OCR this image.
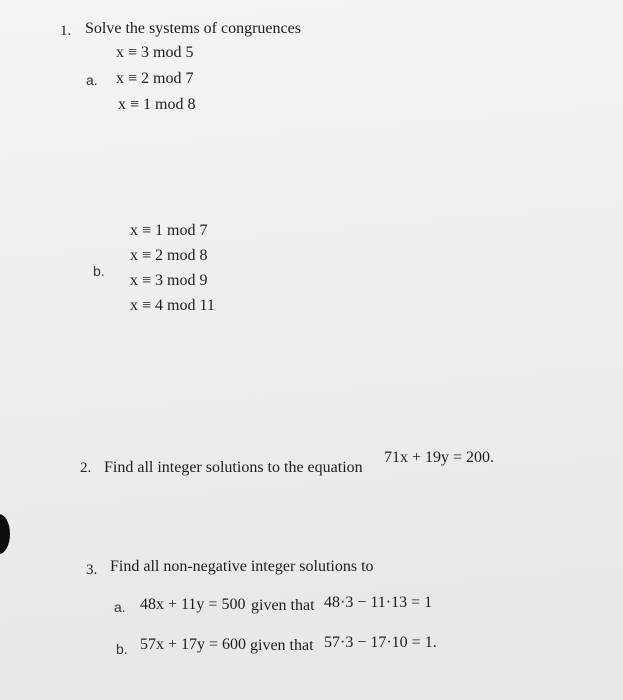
1. Solve the systems of congruences
x ≡ 3 mod 5
a. x ≡ 2 mod 7
x ≡ 1 mod 8
x ≡ 1 mod 7
x ≡ 2 mod 8
b.
x ≡ 3 mod 9
x ≡ 4 mod 11
2. Find all integer solutions to the equation
71x + 19y = 200.
3. Find all non-negative integer solutions to
a. 48x + 11y = 500 given that 48·3 − 11·13 = 1
b. 57x + 17y = 600 given that 57·3 − 17·10 = 1.
